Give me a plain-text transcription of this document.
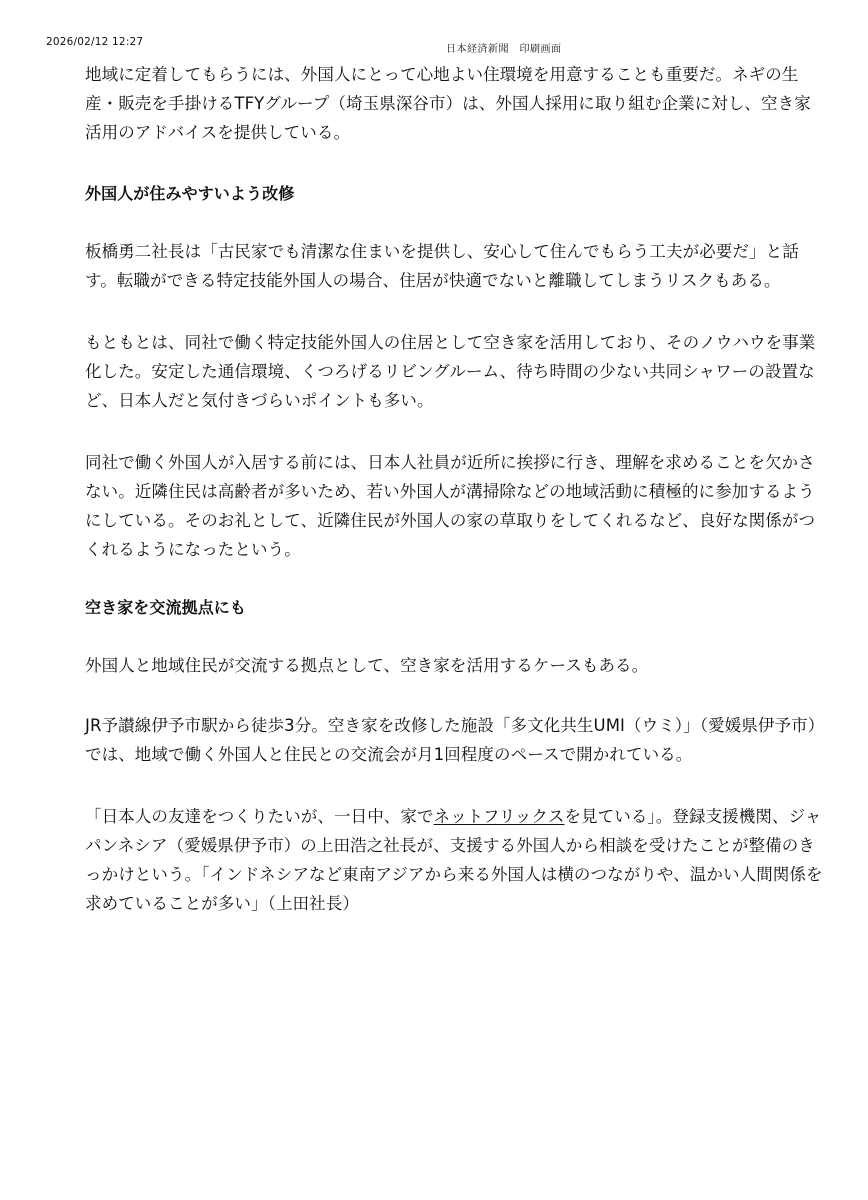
2026/02/12 12:27
日本経済新聞　印刷画面

地域に定着してもらうには、外国人にとって心地よい住環境を用意することも重要だ。ネギの生産・販売を手掛けるTFYグループ（埼玉県深谷市）は、外国人採用に取り組む企業に対し、空き家活用のアドバイスを提供している。

外国人が住みやすいよう改修

板橋勇二社長は「古民家でも清潔な住まいを提供し、安心して住んでもらう工夫が必要だ」と話す。転職ができる特定技能外国人の場合、住居が快適でないと離職してしまうリスクもある。

もともとは、同社で働く特定技能外国人の住居として空き家を活用しており、そのノウハウを事業化した。安定した通信環境、くつろげるリビングルーム、待ち時間の少ない共同シャワーの設置など、日本人だと気付きづらいポイントも多い。

同社で働く外国人が入居する前には、日本人社員が近所に挨拶に行き、理解を求めることを欠かさない。近隣住民は高齢者が多いため、若い外国人が溝掃除などの地域活動に積極的に参加するようにしている。そのお礼として、近隣住民が外国人の家の草取りをしてくれるなど、良好な関係がつくれるようになったという。

空き家を交流拠点にも

外国人と地域住民が交流する拠点として、空き家を活用するケースもある。

JR予讃線伊予市駅から徒歩3分。空き家を改修した施設「多文化共生UMI（ウミ）」（愛媛県伊予市）では、地域で働く外国人と住民との交流会が月1回程度のペースで開かれている。

「日本人の友達をつくりたいが、一日中、家でネットフリックスを見ている」。登録支援機関、ジャパンネシア（愛媛県伊予市）の上田浩之社長が、支援する外国人から相談を受けたことが整備のきっかけという。「インドネシアなど東南アジアから来る外国人は横のつながりや、温かい人間関係を求めていることが多い」（上田社長）
